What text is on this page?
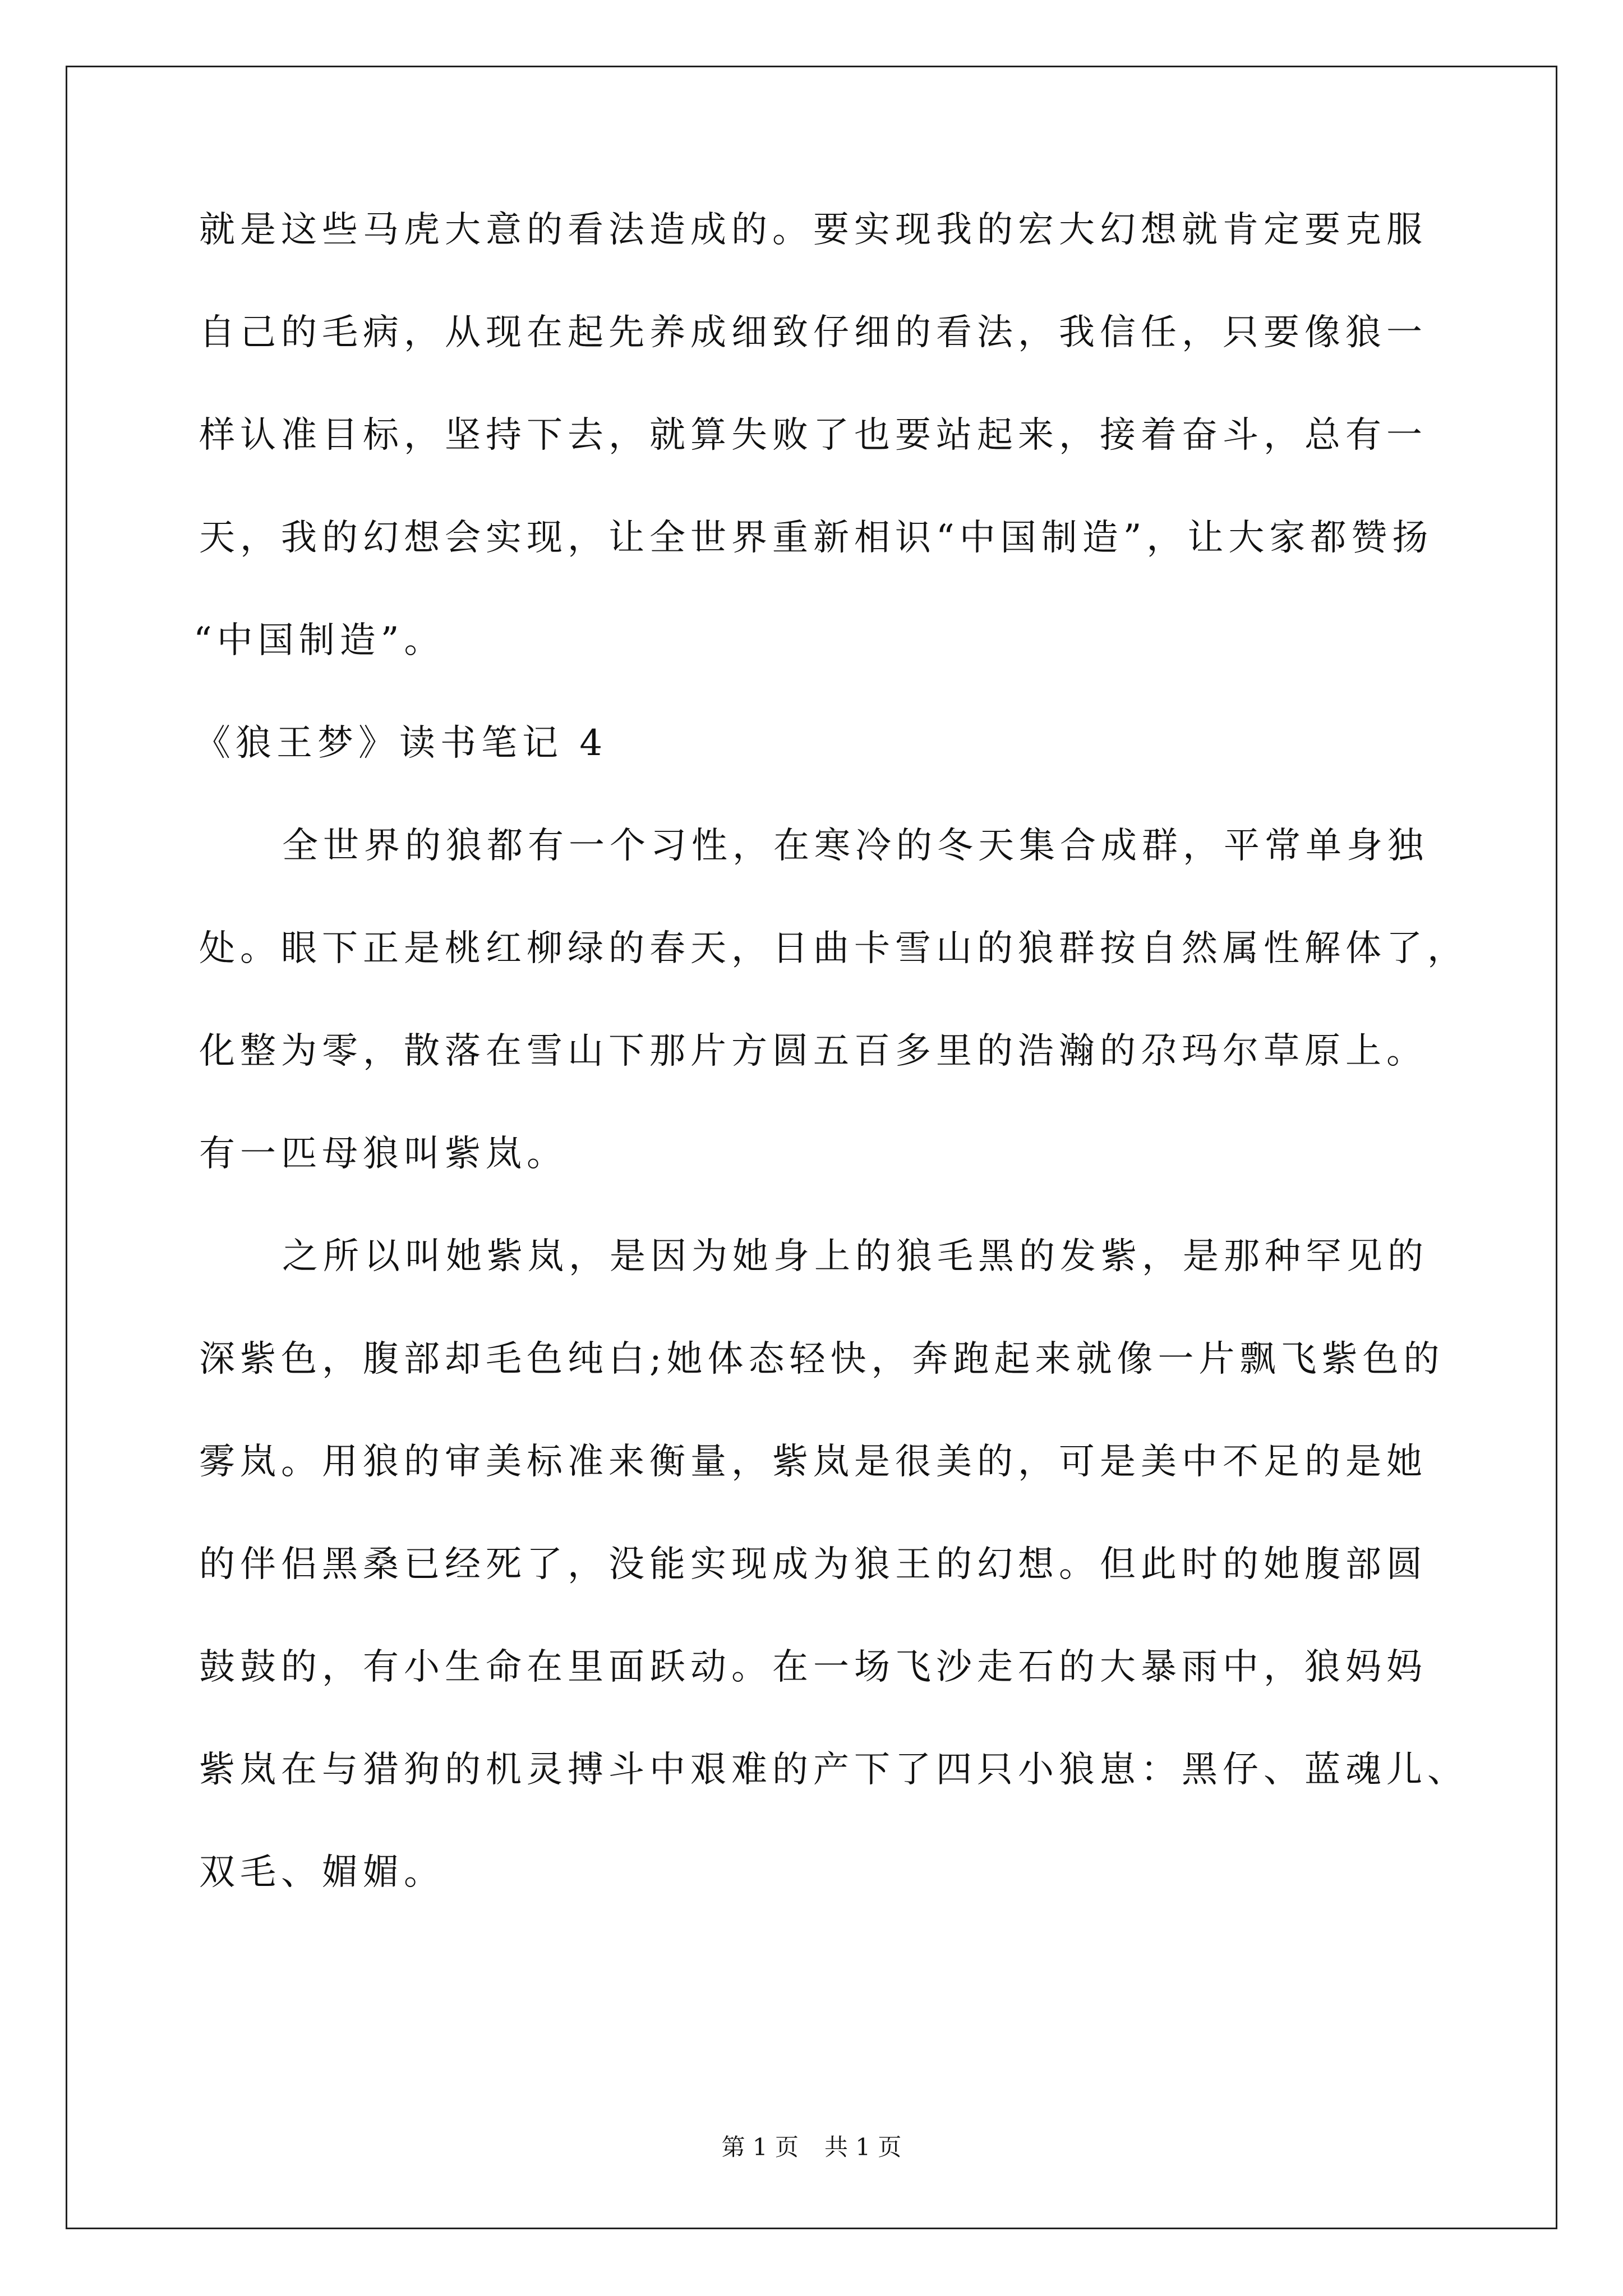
就是这些马虎大意的看法造成的。要实现我的宏大幻想就肯定要克服
自己的毛病，从现在起先养成细致仔细的看法，我信任，只要像狼一
样认准目标，坚持下去，就算失败了也要站起来，接着奋斗，总有一
天，我的幻想会实现，让全世界重新相识“中国制造”，让大家都赞扬
“中国制造”。
《狼王梦》读书笔记 4
全世界的狼都有一个习性，在寒冷的冬天集合成群，平常单身独
处。眼下正是桃红柳绿的春天，日曲卡雪山的狼群按自然属性解体了，
化整为零，散落在雪山下那片方圆五百多里的浩瀚的尕玛尔草原上。
有一匹母狼叫紫岚。
之所以叫她紫岚，是因为她身上的狼毛黑的发紫，是那种罕见的
深紫色，腹部却毛色纯白;她体态轻快，奔跑起来就像一片飘飞紫色的
雾岚。用狼的审美标准来衡量，紫岚是很美的，可是美中不足的是她
的伴侣黑桑已经死了，没能实现成为狼王的幻想。但此时的她腹部圆
鼓鼓的，有小生命在里面跃动。在一场飞沙走石的大暴雨中，狼妈妈
紫岚在与猎狗的机灵搏斗中艰难的产下了四只小狼崽：黑仔、蓝魂儿、
双毛、媚媚。
第 1 页 共 1 页
